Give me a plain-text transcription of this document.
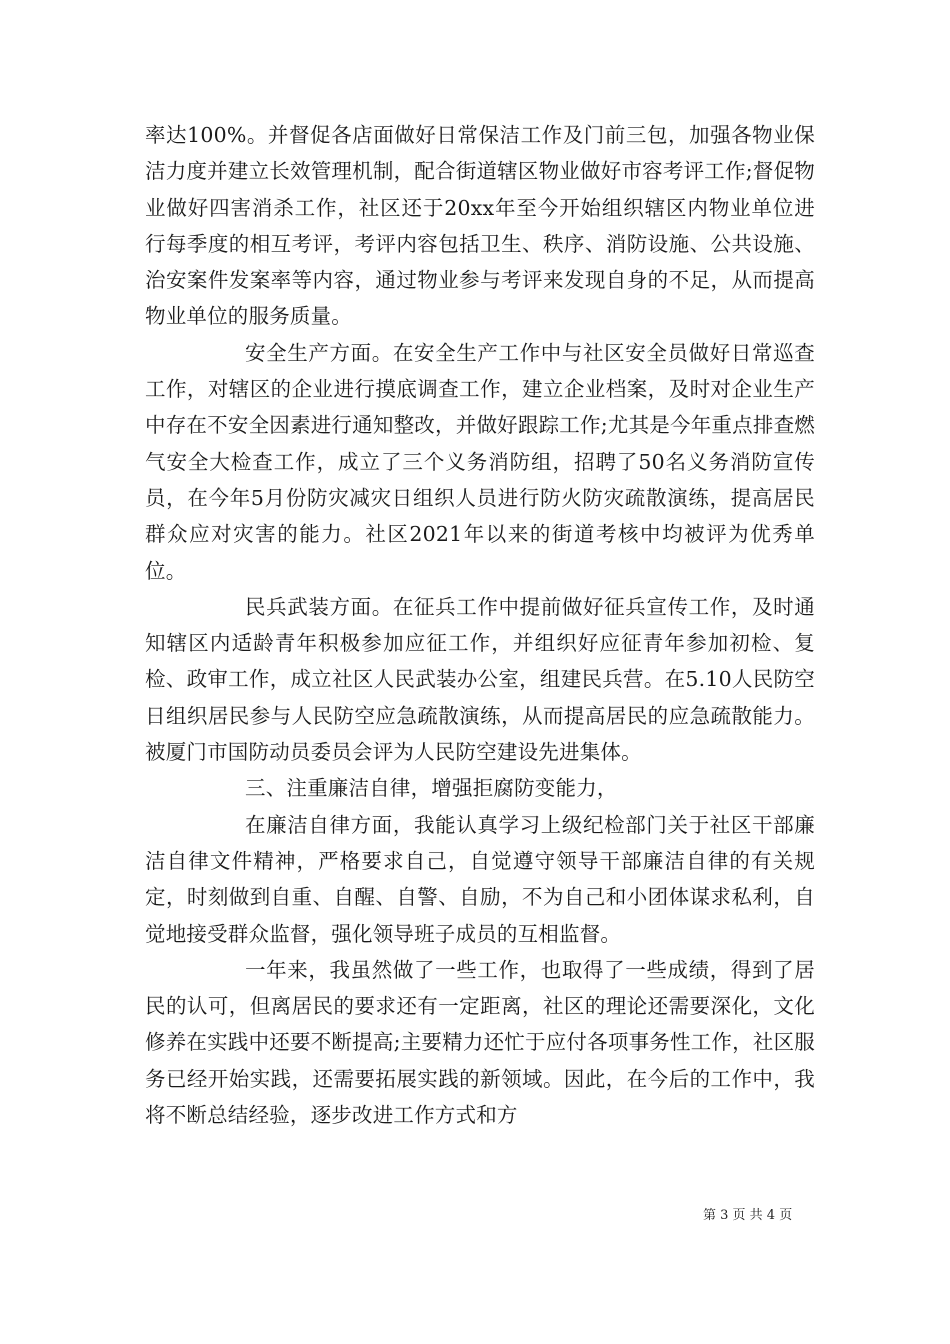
率达100%。并督促各店面做好日常保洁工作及门前三包，加强各物业保洁力度并建立长效管理机制，配合街道辖区物业做好市容考评工作;督促物业做好四害消杀工作，社区还于20xx年至今开始组织辖区内物业单位进行每季度的相互考评，考评内容包括卫生、秩序、消防设施、公共设施、治安案件发案率等内容，通过物业参与考评来发现自身的不足，从而提高物业单位的服务质量。

安全生产方面。在安全生产工作中与社区安全员做好日常巡查工作，对辖区的企业进行摸底调查工作，建立企业档案，及时对企业生产中存在不安全因素进行通知整改，并做好跟踪工作;尤其是今年重点排查燃气安全大检查工作，成立了三个义务消防组，招聘了50名义务消防宣传员，在今年5月份防灾减灾日组织人员进行防火防灾疏散演练，提高居民群众应对灾害的能力。社区2021年以来的街道考核中均被评为优秀单位。

民兵武装方面。在征兵工作中提前做好征兵宣传工作，及时通知辖区内适龄青年积极参加应征工作，并组织好应征青年参加初检、复检、政审工作，成立社区人民武装办公室，组建民兵营。在5.10人民防空日组织居民参与人民防空应急疏散演练，从而提高居民的应急疏散能力。被厦门市国防动员委员会评为人民防空建设先进集体。

三、注重廉洁自律，增强拒腐防变能力，

在廉洁自律方面，我能认真学习上级纪检部门关于社区干部廉洁自律文件精神，严格要求自己，自觉遵守领导干部廉洁自律的有关规定，时刻做到自重、自醒、自警、自励，不为自己和小团体谋求私利，自觉地接受群众监督，强化领导班子成员的互相监督。

一年来，我虽然做了一些工作，也取得了一些成绩，得到了居民的认可，但离居民的要求还有一定距离，社区的理论还需要深化，文化修养在实践中还要不断提高;主要精力还忙于应付各项事务性工作，社区服务已经开始实践，还需要拓展实践的新领域。因此，在今后的工作中，我将不断总结经验，逐步改进工作方式和方

第 3 页 共 4 页
